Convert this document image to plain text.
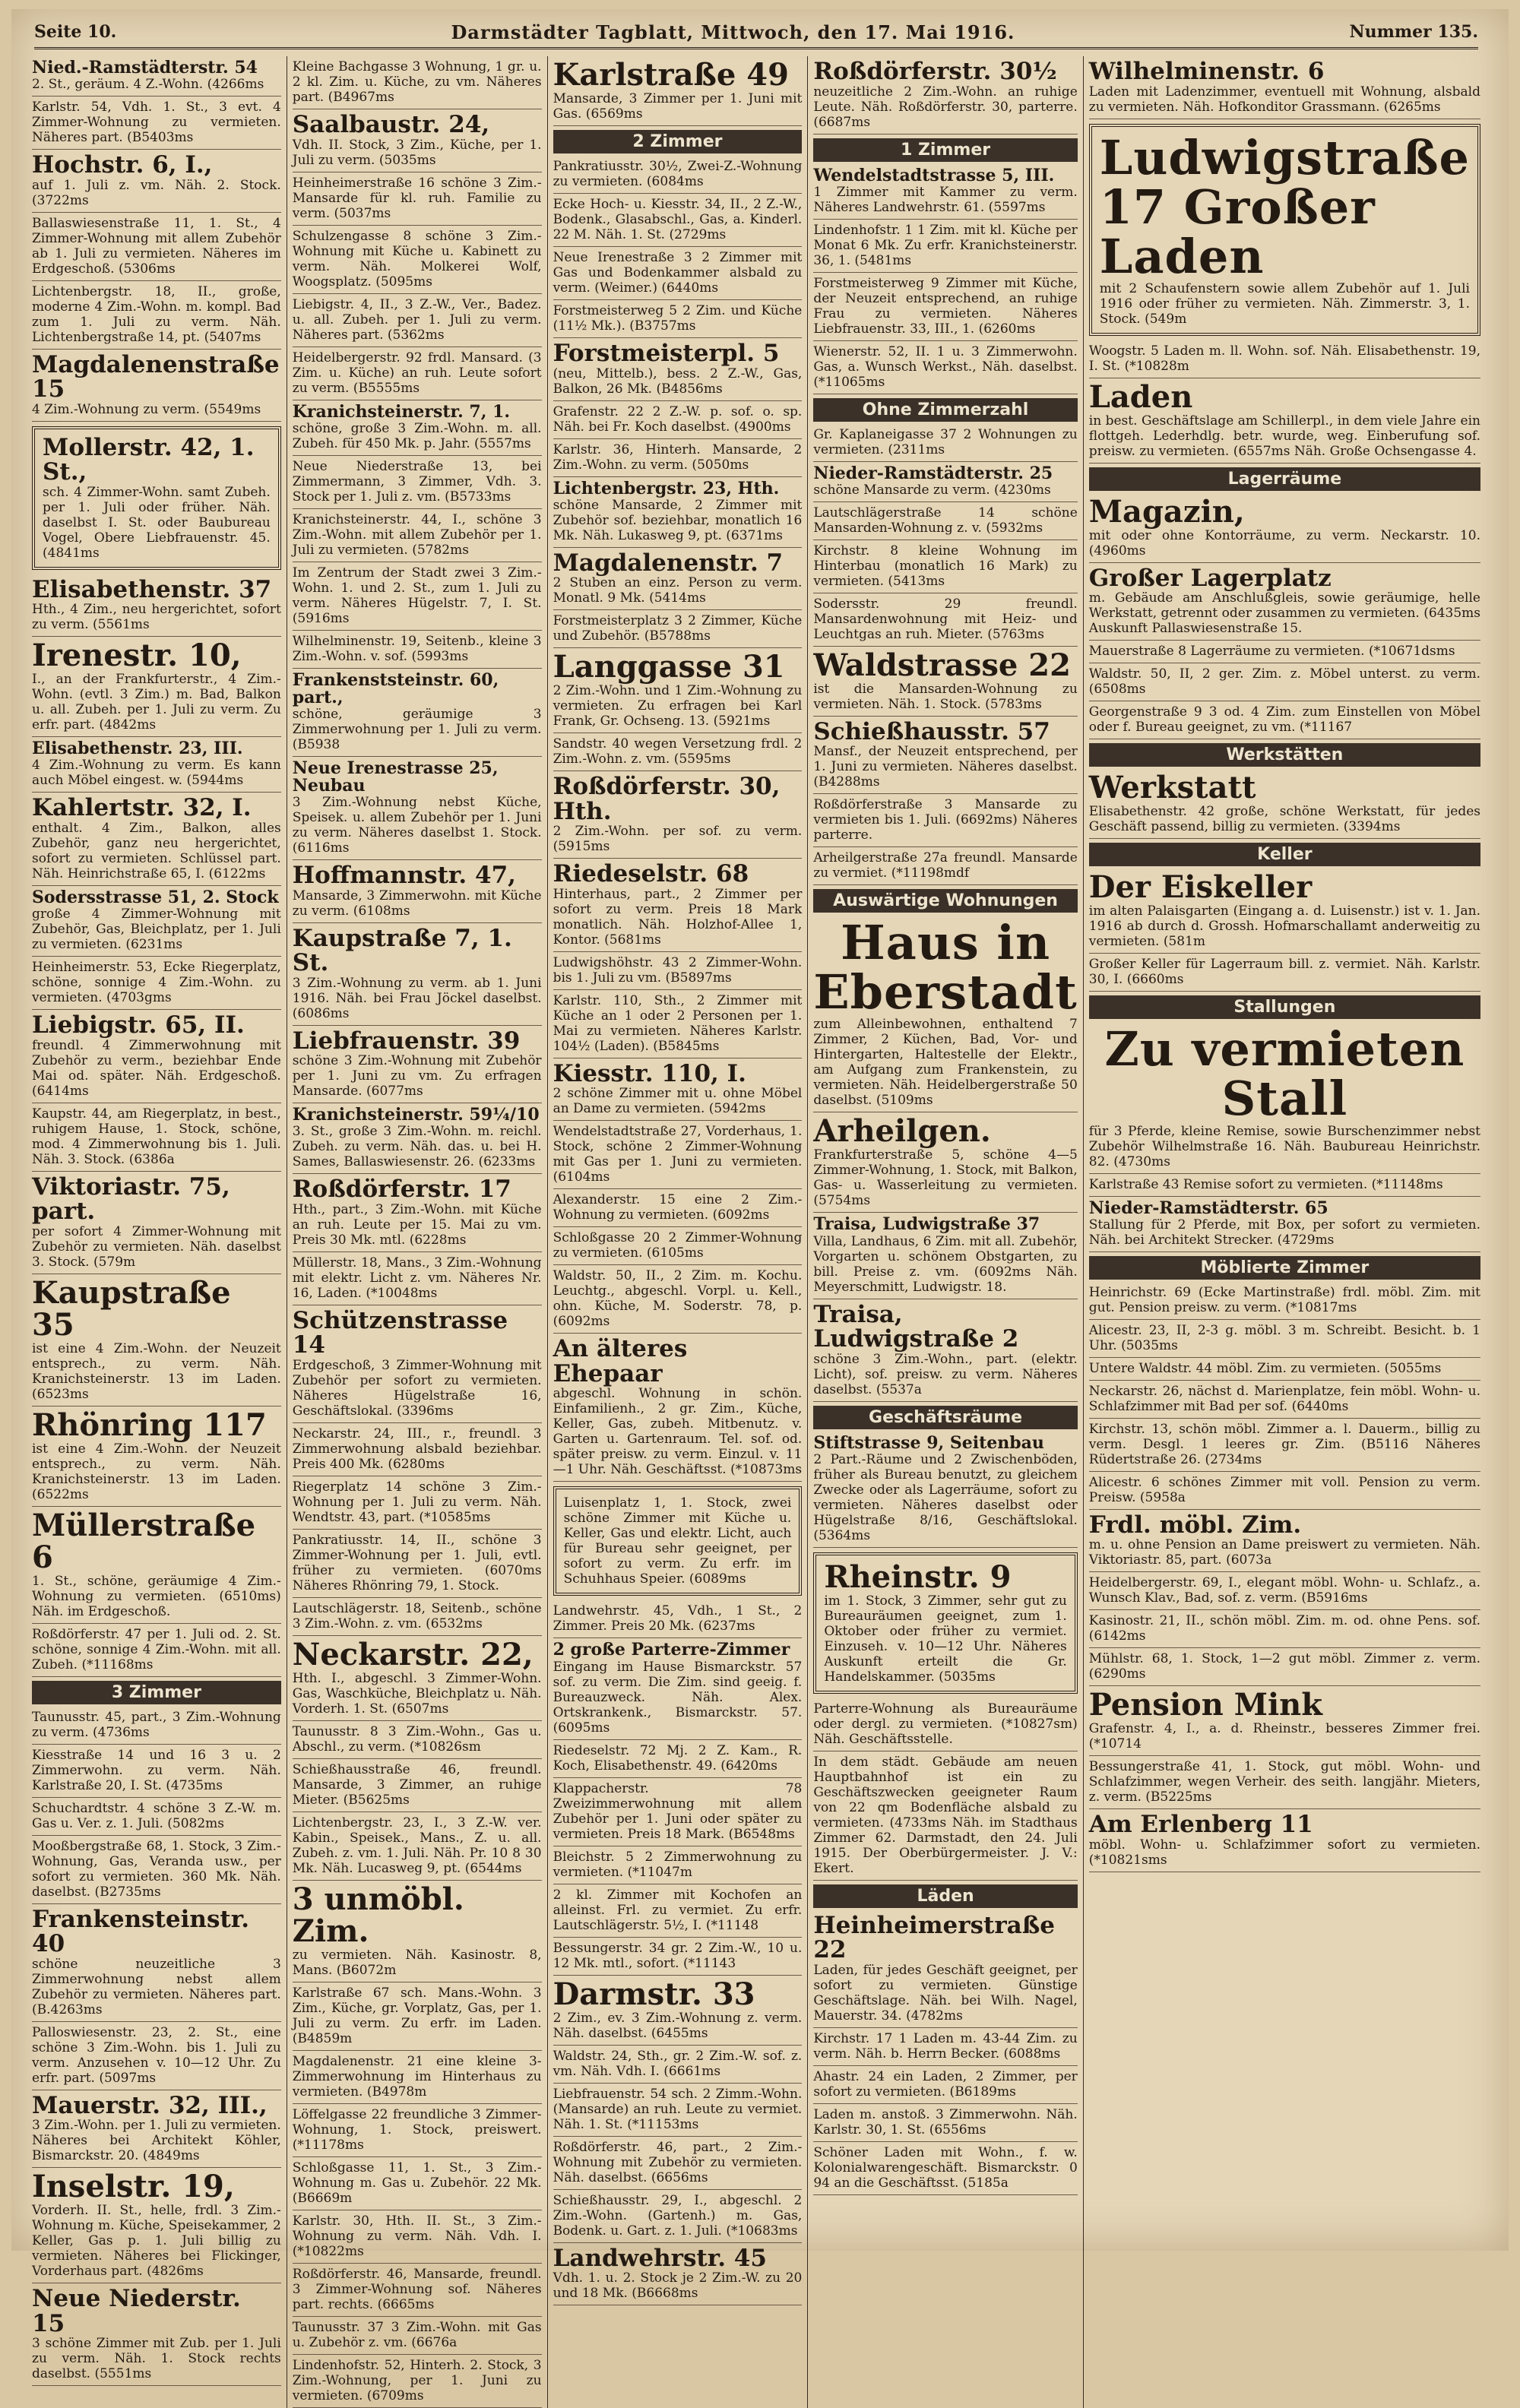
Seite 10.	Darmstädter Tagblatt, Mittwoch, den 17. Mai 1916.	Nummer 135.
Nied.-Ramstädterstr. 54
2. St., geräum. 4 Z.-Wohn. (4266ms
Karlstr. 54, Vdh. 1. St., 3 evt. 4 Zimmer-Wohnung zu vermieten. Näheres part. (B5403ms
Hochstr. 6, I.,
auf 1. Juli z. vm. Näh. 2. Stock. (3722ms
Ballaswiesenstraße 11, 1. St., 4 Zimmer-Wohnung mit allem Zubehör ab 1. Juli zu vermieten. Näheres im Erdgeschoß. (5306ms
Lichtenbergstr. 18, II., große, moderne 4 Zim.-Wohn. m. kompl. Bad zum 1. Juli zu verm. Näh. Lichtenbergstraße 14, pt. (5407ms
Magdalenenstraße 15
4 Zim.-Wohnung zu verm. (5549ms
Mollerstr. 42, 1. St.,
sch. 4 Zimmer-Wohn. samt Zubeh. per 1. Juli oder früher. Näh. daselbst I. St. oder Baubureau Vogel, Obere Liebfrauenstr. 45. (4841ms
Elisabethenstr. 37
Hth., 4 Zim., neu hergerichtet, sofort zu verm. (5561ms
Irenestr. 10,
I., an der Frankfurterstr., 4 Zim.-Wohn. (evtl. 3 Zim.) m. Bad, Balkon u. all. Zubeh. per 1. Juli zu verm. Zu erfr. part. (4842ms
Elisabethenstr. 23, III.
4 Zim.-Wohnung zu verm. Es kann auch Möbel eingest. w. (5944ms
Kahlertstr. 32, I.
enthalt. 4 Zim., Balkon, alles Zubehör, ganz neu hergerichtet, sofort zu vermieten. Schlüssel part. Näh. Heinrichstraße 65, I. (6122ms
Sodersstrasse 51, 2. Stock
große 4 Zimmer-Wohnung mit Zubehör, Gas, Bleichplatz, per 1. Juli zu vermieten. (6231ms
Heinheimerstr. 53, Ecke Riegerplatz, schöne, sonnige 4 Zim.-Wohn. zu vermieten. (4703gms
Liebigstr. 65, II.
freundl. 4 Zimmerwohnung mit Zubehör zu verm., beziehbar Ende Mai od. später. Näh. Erdgeschoß. (6414ms
Kaupstr. 44, am Riegerplatz, in best., ruhigem Hause, 1. Stock, schöne, mod. 4 Zimmerwohnung bis 1. Juli. Näh. 3. Stock. (6386a
Viktoriastr. 75, part.
per sofort 4 Zimmer-Wohnung mit Zubehör zu vermieten. Näh. daselbst 3. Stock. (579m
Kaupstraße 35
ist eine 4 Zim.-Wohn. der Neuzeit entsprech., zu verm. Näh. Kranichsteinerstr. 13 im Laden. (6523ms
Rhönring 117
ist eine 4 Zim.-Wohn. der Neuzeit entsprech., zu verm. Näh. Kranichsteinerstr. 13 im Laden. (6522ms
Müllerstraße 6
1. St., schöne, geräumige 4 Zim.-Wohnung zu vermieten. (6510ms) Näh. im Erdgeschoß.
Roßdörferstr. 47 per 1. Juli od. 2. St. schöne, sonnige 4 Zim.-Wohn. mit all. Zubeh. (*11168ms
3 Zimmer
Taunusstr. 45, part., 3 Zim.-Wohnung zu verm. (4736ms
Kiesstraße 14 und 16 3 u. 2 Zimmerwohn. zu verm. Näh. Karlstraße 20, I. St. (4735ms
Schuchardtstr. 4 schöne 3 Z.-W. m. Gas u. Ver. z. 1. Juli. (5082ms
Mooßbergstraße 68, 1. Stock, 3 Zim.-Wohnung, Gas, Veranda usw., per sofort zu vermieten. 360 Mk. Näh. daselbst. (B2735ms
Frankensteinstr. 40
schöne neuzeitliche 3 Zimmerwohnung nebst allem Zubehör zu vermieten. Näheres part. (B.4263ms
Palloswiesenstr. 23, 2. St., eine schöne 3 Zim.-Wohn. bis 1. Juli zu verm. Anzusehen v. 10—12 Uhr. Zu erfr. part. (5097ms
Mauerstr. 32, III.,
3 Zim.-Wohn. per 1. Juli zu vermieten. Näheres bei Architekt Köhler, Bismarckstr. 20. (4849ms
Inselstr. 19,
Vorderh. II. St., helle, frdl. 3 Zim.-Wohnung m. Küche, Speisekammer, 2 Keller, Gas p. 1. Juli billig zu vermieten. Näheres bei Flickinger, Vorderhaus part. (4826ms
Neue Niederstr. 15
3 schöne Zimmer mit Zub. per 1. Juli zu verm. Näh. 1. Stock rechts daselbst. (5551ms
Kleine Bachgasse 3 Wohnung, 1 gr. u. 2 kl. Zim. u. Küche, zu vm. Näheres part. (B4967ms
Saalbaustr. 24,
Vdh. II. Stock, 3 Zim., Küche, per 1. Juli zu verm. (5035ms
Heinheimerstraße 16 schöne 3 Zim.-Mansarde für kl. ruh. Familie zu verm. (5037ms
Schulzengasse 8 schöne 3 Zim.-Wohnung mit Küche u. Kabinett zu verm. Näh. Molkerei Wolf, Woogsplatz. (5095ms
Liebigstr. 4, II., 3 Z.-W., Ver., Badez. u. all. Zubeh. per 1. Juli zu verm. Näheres part. (5362ms
Heidelbergerstr. 92 frdl. Mansard. (3 Zim. u. Küche) an ruh. Leute sofort zu verm. (B5555ms
Kranichsteinerstr. 7, 1.
schöne, große 3 Zim.-Wohn. m. all. Zubeh. für 450 Mk. p. Jahr. (5557ms
Neue Niederstraße 13, bei Zimmermann, 3 Zimmer, Vdh. 3. Stock per 1. Juli z. vm. (B5733ms
Kranichsteinerstr. 44, I., schöne 3 Zim.-Wohn. mit allem Zubehör per 1. Juli zu vermieten. (5782ms
Im Zentrum der Stadt zwei 3 Zim.-Wohn. 1. und 2. St., zum 1. Juli zu verm. Näheres Hügelstr. 7, I. St. (5916ms
Wilhelminenstr. 19, Seitenb., kleine 3 Zim.-Wohn. v. sof. (5993ms
Frankenststeinstr. 60, part.,
schöne, geräumige 3 Zimmerwohnung per 1. Juli zu verm. (B5938
Neue Irenestrasse 25, Neubau
3 Zim.-Wohnung nebst Küche, Speisek. u. allem Zubehör per 1. Juni zu verm. Näheres daselbst 1. Stock. (6116ms
Hoffmannstr. 47,
Mansarde, 3 Zimmerwohn. mit Küche zu verm. (6108ms
Kaupstraße 7, 1. St.
3 Zim.-Wohnung zu verm. ab 1. Juni 1916. Näh. bei Frau Jöckel daselbst. (6086ms
Liebfrauenstr. 39
schöne 3 Zim.-Wohnung mit Zubehör per 1. Juni zu vm. Zu erfragen Mansarde. (6077ms
Kranichsteinerstr. 59¼/10
3. St., große 3 Zim.-Wohn. m. reichl. Zubeh. zu verm. Näh. das. u. bei H. Sames, Ballaswiesenstr. 26. (6233ms
Roßdörferstr. 17
Hth., part., 3 Zim.-Wohn. mit Küche an ruh. Leute per 15. Mai zu vm. Preis 30 Mk. mtl. (6228ms
Müllerstr. 18, Mans., 3 Zim.-Wohnung mit elektr. Licht z. vm. Näheres Nr. 16, Laden. (*10048ms
Schützenstrasse 14
Erdgeschoß, 3 Zimmer-Wohnung mit Zubehör per sofort zu vermieten. Näheres Hügelstraße 16, Geschäftslokal. (3396ms
Neckarstr. 24, III., r., freundl. 3 Zimmerwohnung alsbald beziehbar. Preis 400 Mk. (6280ms
Riegerplatz 14 schöne 3 Zim.-Wohnung per 1. Juli zu verm. Näh. Wendtstr. 43, part. (*10585ms
Pankratiusstr. 14, II., schöne 3 Zimmer-Wohnung per 1. Juli, evtl. früher zu vermieten. (6070ms Näheres Rhönring 79, 1. Stock.
Lautschlägerstr. 18, Seitenb., schöne 3 Zim.-Wohn. z. vm. (6532ms
Neckarstr. 22,
Hth. I., abgeschl. 3 Zimmer-Wohn. Gas, Waschküche, Bleichplatz u. Näh. Vorderh. 1. St. (6507ms
Taunusstr. 8 3 Zim.-Wohn., Gas u. Abschl., zu verm. (*10826sm
Schießhausstraße 46, freundl. Mansarde, 3 Zimmer, an ruhige Mieter. (B5625ms
Lichtenbergstr. 23, I., 3 Z.-W. ver. Kabin., Speisek., Mans., Z. u. all. Zubeh. z. vm. 1. Juli. Näh. Pr. 10 8 30 Mk. Näh. Lucasweg 9, pt. (6544ms
3 unmöbl. Zim.
zu vermieten. Näh. Kasinostr. 8, Mans. (B6072m
Karlstraße 67 sch. Mans.-Wohn. 3 Zim., Küche, gr. Vorplatz, Gas, per 1. Juli zu verm. Zu erfr. im Laden. (B4859m
Magdalenenstr. 21 eine kleine 3-Zimmerwohnung im Hinterhaus zu vermieten. (B4978m
Löffelgasse 22 freundliche 3 Zimmer-Wohnung, 1. Stock, preiswert. (*11178ms
Schloßgasse 11, 1. St., 3 Zim.-Wohnung m. Gas u. Zubehör. 22 Mk. (B6669m
Karlstr. 30, Hth. II. St., 3 Zim.-Wohnung zu verm. Näh. Vdh. I. (*10822ms
Roßdörferstr. 46, Mansarde, freundl. 3 Zimmer-Wohnung sof. Näheres part. rechts. (6665ms
Taunusstr. 37 3 Zim.-Wohn. mit Gas u. Zubehör z. vm. (6676a
Lindenhofstr. 52, Hinterh. 2. Stock, 3 Zim.-Wohnung, per 1. Juni zu vermieten. (6709ms
Karlstraße 49
Mansarde, 3 Zimmer per 1. Juni mit Gas. (6569ms
2 Zimmer
Pankratiusstr. 30½, Zwei-Z.-Wohnung zu vermieten. (6084ms
Ecke Hoch- u. Kiesstr. 34, II., 2 Z.-W., Bodenk., Glasabschl., Gas, a. Kinderl. 22 M. Näh. 1. St. (2729ms
Neue Irenestraße 3 2 Zimmer mit Gas und Bodenkammer alsbald zu verm. (Weimer.) (6440ms
Forstmeisterweg 5 2 Zim. und Küche (11½ Mk.). (B3757ms
Forstmeisterpl. 5
(neu, Mittelb.), bess. 2 Z.-W., Gas, Balkon, 26 Mk. (B4856ms
Grafenstr. 22 2 Z.-W. p. sof. o. sp. Näh. bei Fr. Koch daselbst. (4900ms
Karlstr. 36, Hinterh. Mansarde, 2 Zim.-Wohn. zu verm. (5050ms
Lichtenbergstr. 23, Hth.
schöne Mansarde, 2 Zimmer mit Zubehör sof. beziehbar, monatlich 16 Mk. Näh. Lukasweg 9, pt. (6371ms
Magdalenenstr. 7
2 Stuben an einz. Person zu verm. Monatl. 9 Mk. (5414ms
Forstmeisterplatz 3 2 Zimmer, Küche und Zubehör. (B5788ms
Langgasse 31
2 Zim.-Wohn. und 1 Zim.-Wohnung zu vermieten. Zu erfragen bei Karl Frank, Gr. Ochseng. 13. (5921ms
Sandstr. 40 wegen Versetzung frdl. 2 Zim.-Wohn. z. vm. (5595ms
Roßdörferstr. 30, Hth.
2 Zim.-Wohn. per sof. zu verm. (5915ms
Riedeselstr. 68
Hinterhaus, part., 2 Zimmer per sofort zu verm. Preis 18 Mark monatlich. Näh. Holzhof-Allee 1, Kontor. (5681ms
Ludwigshöhstr. 43 2 Zimmer-Wohn. bis 1. Juli zu vm. (B5897ms
Karlstr. 110, Sth., 2 Zimmer mit Küche an 1 oder 2 Personen per 1. Mai zu vermieten. Näheres Karlstr. 104½ (Laden). (B5845ms
Kiesstr. 110, I.
2 schöne Zimmer mit u. ohne Möbel an Dame zu vermieten. (5942ms
Wendelstadtstraße 27, Vorderhaus, 1. Stock, schöne 2 Zimmer-Wohnung mit Gas per 1. Juni zu vermieten. (6104ms
Alexanderstr. 15 eine 2 Zim.-Wohnung zu vermieten. (6092ms
Schloßgasse 20 2 Zimmer-Wohnung zu vermieten. (6105ms
Waldstr. 50, II., 2 Zim. m. Kochu. Leuchtg., abgeschl. Vorpl. u. Kell., ohn. Küche, M. Soderstr. 78, p. (6092ms
An älteres Ehepaar
abgeschl. Wohnung in schön. Einfamilienh., 2 gr. Zim., Küche, Keller, Gas, zubeh. Mitbenutz. v. Garten u. Gartenraum. Tel. sof. od. später preisw. zu verm. Einzul. v. 11—1 Uhr. Näh. Geschäftsst. (*10873ms
Luisenplatz 1, 1. Stock, zwei schöne Zimmer mit Küche u. Keller, Gas und elektr. Licht, auch für Bureau sehr geeignet, per sofort zu verm. Zu erfr. im Schuhhaus Speier. (6089ms
Landwehrstr. 45, Vdh., 1 St., 2 Zimmer. Preis 20 Mk. (6237ms
2 große Parterre-Zimmer
Eingang im Hause Bismarckstr. 57 sof. zu verm. Die Zim. sind geeig. f. Bureauzweck. Näh. Alex. Ortskrankenk., Bismarckstr. 57. (6095ms
Riedeselstr. 72 Mj. 2 Z. Kam., R. Koch, Elisabethenstr. 49. (6420ms
Klappacherstr. 78 Zweizimmerwohnung mit allem Zubehör per 1. Juni oder später zu vermieten. Preis 18 Mark. (B6548ms
Bleichstr. 5 2 Zimmerwohnung zu vermieten. (*11047m
2 kl. Zimmer mit Kochofen an alleinst. Frl. zu vermiet. Zu erfr. Lautschlägerstr. 5½, I. (*11148
Bessungerstr. 34 gr. 2 Zim.-W., 10 u. 12 Mk. mtl., sofort. (*11143
Darmstr. 33
2 Zim., ev. 3 Zim.-Wohnung z. verm. Näh. daselbst. (6455ms
Waldstr. 24, Sth., gr. 2 Zim.-W. sof. z. vm. Näh. Vdh. I. (6661ms
Liebfrauenstr. 54 sch. 2 Zimm.-Wohn. (Mansarde) an ruh. Leute zu vermiet. Näh. 1. St. (*11153ms
Roßdörferstr. 46, part., 2 Zim.-Wohnung mit Zubehör zu vermieten. Näh. daselbst. (6656ms
Schießhausstr. 29, I., abgeschl. 2 Zim.-Wohn. (Gartenh.) m. Gas, Bodenk. u. Gart. z. 1. Juli. (*10683ms
Landwehrstr. 45
Vdh. 1. u. 2. Stock je 2 Zim.-W. zu 20 und 18 Mk. (B6668ms
Roßdörferstr. 30½
neuzeitliche 2 Zim.-Wohn. an ruhige Leute. Näh. Roßdörferstr. 30, parterre. (6687ms
1 Zimmer
Wendelstadtstrasse 5, III.
1 Zimmer mit Kammer zu verm. Näheres Landwehrstr. 61. (5597ms
Lindenhofstr. 1 1 Zim. mit kl. Küche per Monat 6 Mk. Zu erfr. Kranichsteinerstr. 36, 1. (5481ms
Forstmeisterweg 9 Zimmer mit Küche, der Neuzeit entsprechend, an ruhige Frau zu vermieten. Näheres Liebfrauenstr. 33, III., 1. (6260ms
Wienerstr. 52, II. 1 u. 3 Zimmerwohn. Gas, a. Wunsch Werkst., Näh. daselbst. (*11065ms
Ohne Zimmerzahl
Gr. Kaplaneigasse 37 2 Wohnungen zu vermieten. (2311ms
Nieder-Ramstädterstr. 25
schöne Mansarde zu verm. (4230ms
Lautschlägerstraße 14 schöne Mansarden-Wohnung z. v. (5932ms
Kirchstr. 8 kleine Wohnung im Hinterbau (monatlich 16 Mark) zu vermieten. (5413ms
Sodersstr. 29 freundl. Mansardenwohnung mit Heiz- und Leuchtgas an ruh. Mieter. (5763ms
Waldstrasse 22
ist die Mansarden-Wohnung zu vermieten. Näh. 1. Stock. (5783ms
Schießhausstr. 57
Mansf., der Neuzeit entsprechend, per 1. Juni zu vermieten. Näheres daselbst. (B4288ms
Roßdörferstraße 3 Mansarde zu vermieten bis 1. Juli. (6692ms) Näheres parterre.
Arheilgerstraße 27a freundl. Mansarde zu vermiet. (*11198mdf
Auswärtige Wohnungen
Haus in Eberstadt
zum Alleinbewohnen, enthaltend 7 Zimmer, 2 Küchen, Bad, Vor- und Hintergarten, Haltestelle der Elektr., am Aufgang zum Frankenstein, zu vermieten. Näh. Heidelbergerstraße 50 daselbst. (5109ms
Arheilgen.
Frankfurterstraße 5, schöne 4—5 Zimmer-Wohnung, 1. Stock, mit Balkon, Gas- u. Wasserleitung zu vermieten. (5754ms
Traisa, Ludwigstraße 37
Villa, Landhaus, 6 Zim. mit all. Zubehör, Vorgarten u. schönem Obstgarten, zu bill. Preise z. vm. (6092ms Näh. Meyerschmitt, Ludwigstr. 18.
Traisa, Ludwigstraße 2
schöne 3 Zim.-Wohn., part. (elektr. Licht), sof. preisw. zu verm. Näheres daselbst. (5537a
Geschäftsräume
Stiftstrasse 9, Seitenbau
2 Part.-Räume und 2 Zwischenböden, früher als Bureau benutzt, zu gleichem Zwecke oder als Lagerräume, sofort zu vermieten. Näheres daselbst oder Hügelstraße 8/16, Geschäftslokal. (5364ms
Rheinstr. 9
im 1. Stock, 3 Zimmer, sehr gut zu Bureauräumen geeignet, zum 1. Oktober oder früher zu vermiet. Einzuseh. v. 10—12 Uhr. Näheres Auskunft erteilt die Gr. Handelskammer. (5035ms
Parterre-Wohnung als Bureauräume oder dergl. zu vermieten. (*10827sm) Näh. Geschäftsstelle.
In dem städt. Gebäude am neuen Hauptbahnhof ist ein zu Geschäftszwecken geeigneter Raum von 22 qm Bodenfläche alsbald zu vermieten. (4733ms Näh. im Stadthaus Zimmer 62. Darmstadt, den 24. Juli 1915. Der Oberbürgermeister. J. V.: Ekert.
Läden
Heinheimerstraße 22
Laden, für jedes Geschäft geeignet, per sofort zu vermieten. Günstige Geschäftslage. Näh. bei Wilh. Nagel, Mauerstr. 34. (4782ms
Kirchstr. 17 1 Laden m. 43-44 Zim. zu verm. Näh. b. Herrn Becker. (6088ms
Ahastr. 24 ein Laden, 2 Zimmer, per sofort zu vermieten. (B6189ms
Laden m. anstoß. 3 Zimmerwohn. Näh. Karlstr. 30, 1. St. (6556ms
Schöner Laden mit Wohn., f. w. Kolonialwarengeschäft. Bismarckstr. 0 94 an die Geschäftsst. (5185a
Wilhelminenstr. 6
Laden mit Ladenzimmer, eventuell mit Wohnung, alsbald zu vermieten. Näh. Hofkonditor Grassmann. (6265ms
Ludwigstraße 17 Großer Laden
mit 2 Schaufenstern sowie allem Zubehör auf 1. Juli 1916 oder früher zu vermieten. Näh. Zimmerstr. 3, 1. Stock. (549m
Woogstr. 5 Laden m. ll. Wohn. sof. Näh. Elisabethenstr. 19, I. St. (*10828m
Laden
in best. Geschäftslage am Schillerpl., in dem viele Jahre ein flottgeh. Lederhdlg. betr. wurde, weg. Einberufung sof. preisw. zu vermieten. (6557ms Näh. Große Ochsengasse 4.
Lagerräume
Magazin,
mit oder ohne Kontorräume, zu verm. Neckarstr. 10. (4960ms
Großer Lagerplatz
m. Gebäude am Anschlußgleis, sowie geräumige, helle Werkstatt, getrennt oder zusammen zu vermieten. (6435ms Auskunft Pallaswiesenstraße 15.
Mauerstraße 8 Lagerräume zu vermieten. (*10671dsms
Waldstr. 50, II, 2 ger. Zim. z. Möbel unterst. zu verm. (6508ms
Georgenstraße 9 3 od. 4 Zim. zum Einstellen von Möbel oder f. Bureau geeignet, zu vm. (*11167
Werkstätten
Werkstatt
Elisabethenstr. 42 große, schöne Werkstatt, für jedes Geschäft passend, billig zu vermieten. (3394ms
Keller
Der Eiskeller
im alten Palaisgarten (Eingang a. d. Luisenstr.) ist v. 1. Jan. 1916 ab durch d. Grossh. Hofmarschallamt anderweitig zu vermieten. (581m
Großer Keller für Lagerraum bill. z. vermiet. Näh. Karlstr. 30, I. (6660ms
Stallungen
Zu vermieten Stall
für 3 Pferde, kleine Remise, sowie Burschenzimmer nebst Zubehör Wilhelmstraße 16. Näh. Baubureau Heinrichstr. 82. (4730ms
Karlstraße 43 Remise sofort zu vermieten. (*11148ms
Nieder-Ramstädterstr. 65
Stallung für 2 Pferde, mit Box, per sofort zu vermieten. Näh. bei Architekt Strecker. (4729ms
Möblierte Zimmer
Heinrichstr. 69 (Ecke Martinstraße) frdl. möbl. Zim. mit gut. Pension preisw. zu verm. (*10817ms
Alicestr. 23, II, 2-3 g. möbl. 3 m. Schreibt. Besicht. b. 1 Uhr. (5035ms
Untere Waldstr. 44 möbl. Zim. zu vermieten. (5055ms
Neckarstr. 26, nächst d. Marienplatze, fein möbl. Wohn- u. Schlafzimmer mit Bad per sof. (6440ms
Kirchstr. 13, schön möbl. Zimmer a. l. Dauerm., billig zu verm. Desgl. 1 leeres gr. Zim. (B5116 Näheres Rüdertstraße 26. (2734ms
Alicestr. 6 schönes Zimmer mit voll. Pension zu verm. Preisw. (5958a
Frdl. möbl. Zim.
m. u. ohne Pension an Dame preiswert zu vermieten. Näh. Viktoriastr. 85, part. (6073a
Heidelbergerstr. 69, I., elegant möbl. Wohn- u. Schlafz., a. Wunsch Klav., Bad, sof. z. verm. (B5916ms
Kasinostr. 21, II., schön möbl. Zim. m. od. ohne Pens. sof. (6142ms
Mühlstr. 68, 1. Stock, 1—2 gut möbl. Zimmer z. verm. (6290ms
Pension Mink
Grafenstr. 4, I., a. d. Rheinstr., besseres Zimmer frei. (*10714
Bessungerstraße 41, 1. Stock, gut möbl. Wohn- und Schlafzimmer, wegen Verheir. des seith. langjähr. Mieters, z. verm. (B5225ms
Am Erlenberg 11
möbl. Wohn- u. Schlafzimmer sofort zu vermieten. (*10821sms
